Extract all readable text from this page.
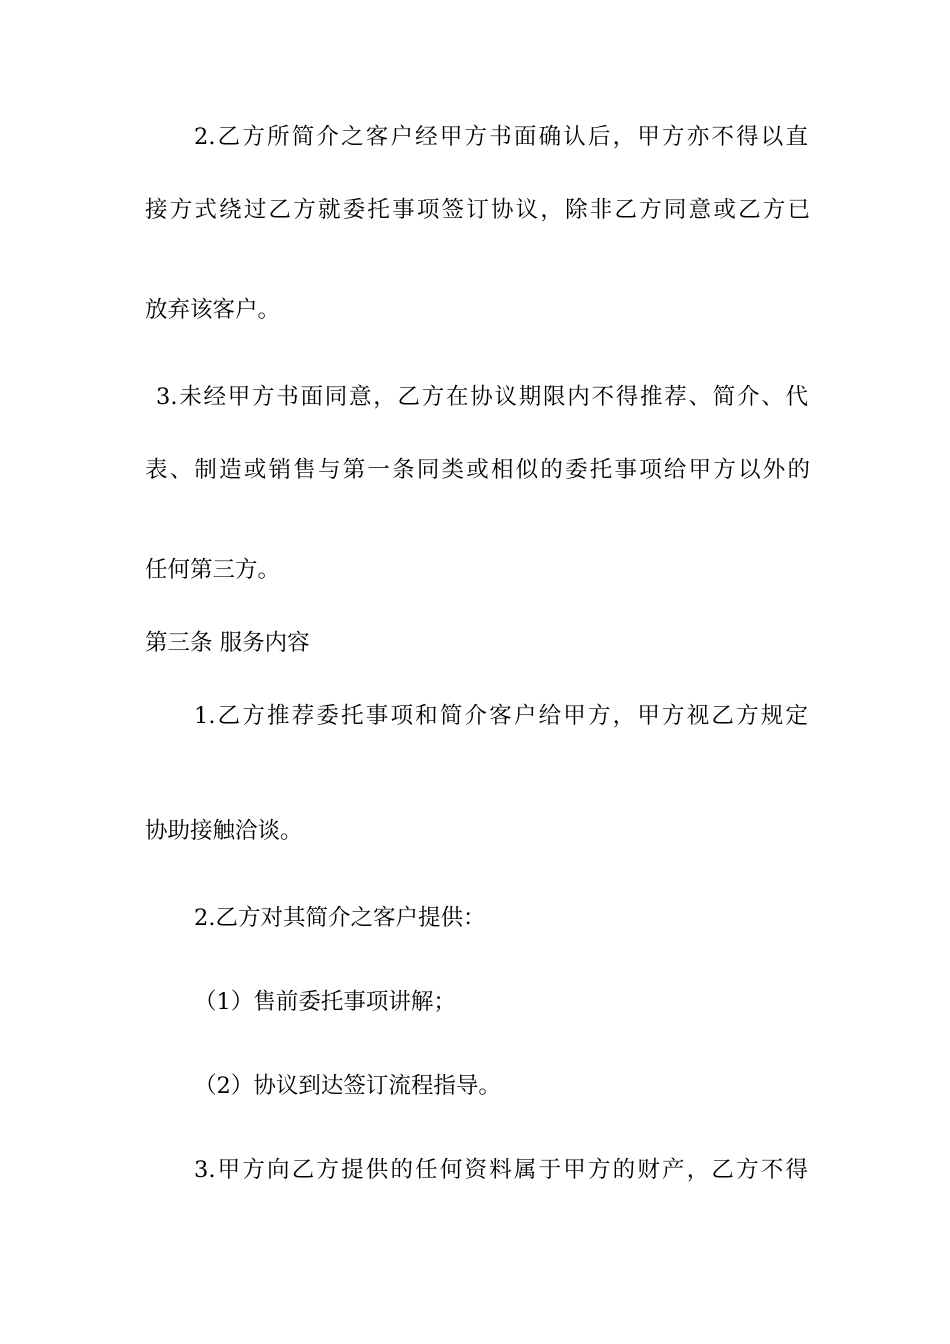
2.乙方所简介之客户经甲方书面确认后，甲方亦不得以直
接方式绕过乙方就委托事项签订协议，除非乙方同意或乙方已
放弃该客户。
3.未经甲方书面同意，乙方在协议期限内不得推荐、简介、代
表、制造或销售与第一条同类或相似的委托事项给甲方以外的
任何第三方。
第三条 服务内容
1.乙方推荐委托事项和简介客户给甲方，甲方视乙方规定
协助接触洽谈。
2.乙方对其简介之客户提供：
（1）售前委托事项讲解；
（2）协议到达签订流程指导。
3.甲方向乙方提供的任何资料属于甲方的财产，乙方不得
